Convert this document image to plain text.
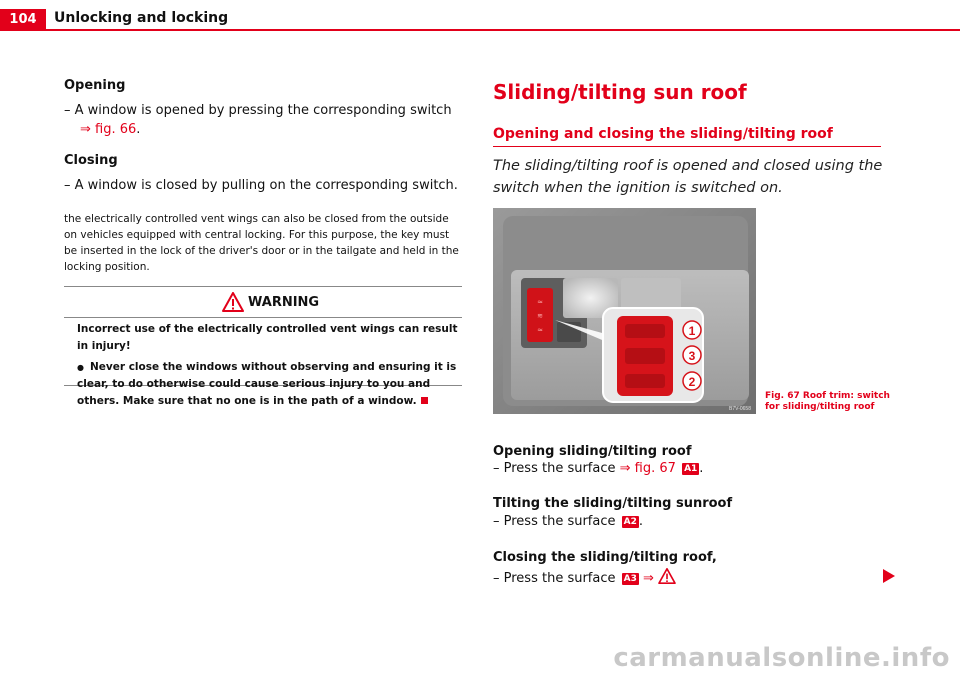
104	Unlocking and locking

Opening

– A window is opened by pressing the corresponding switch
⇒ fig. 66.

Closing

– A window is closed by pulling on the corresponding switch.

the electrically controlled vent wings can also be closed from the outside on vehicles equipped with central locking. For this purpose, the key must be inserted in the lock of the driver's door or in the tailgate and held in the locking position.

WARNING

Incorrect use of the electrically controlled vent wings can result in injury!

● Never close the windows without observing and ensuring it is clear, to do otherwise could cause serious injury to you and others. Make sure that no one is in the path of a window.

Sliding/tilting sun roof
Opening and closing the sliding/tilting roof
The sliding/tilting roof is opened and closed using the switch when the ignition is switched on.
≈
≋
≈	1
3
2
B7V-0658
Fig. 67 Roof trim: switch for sliding/tilting roof
Opening sliding/tilting roof
– Press the surface ⇒ fig. 67 A1 .
Tilting the sliding/tilting sunroof
– Press the surface A2 .
Closing the sliding/tilting roof,
– Press the surface A3 ⇒
carmanualsonline.info
